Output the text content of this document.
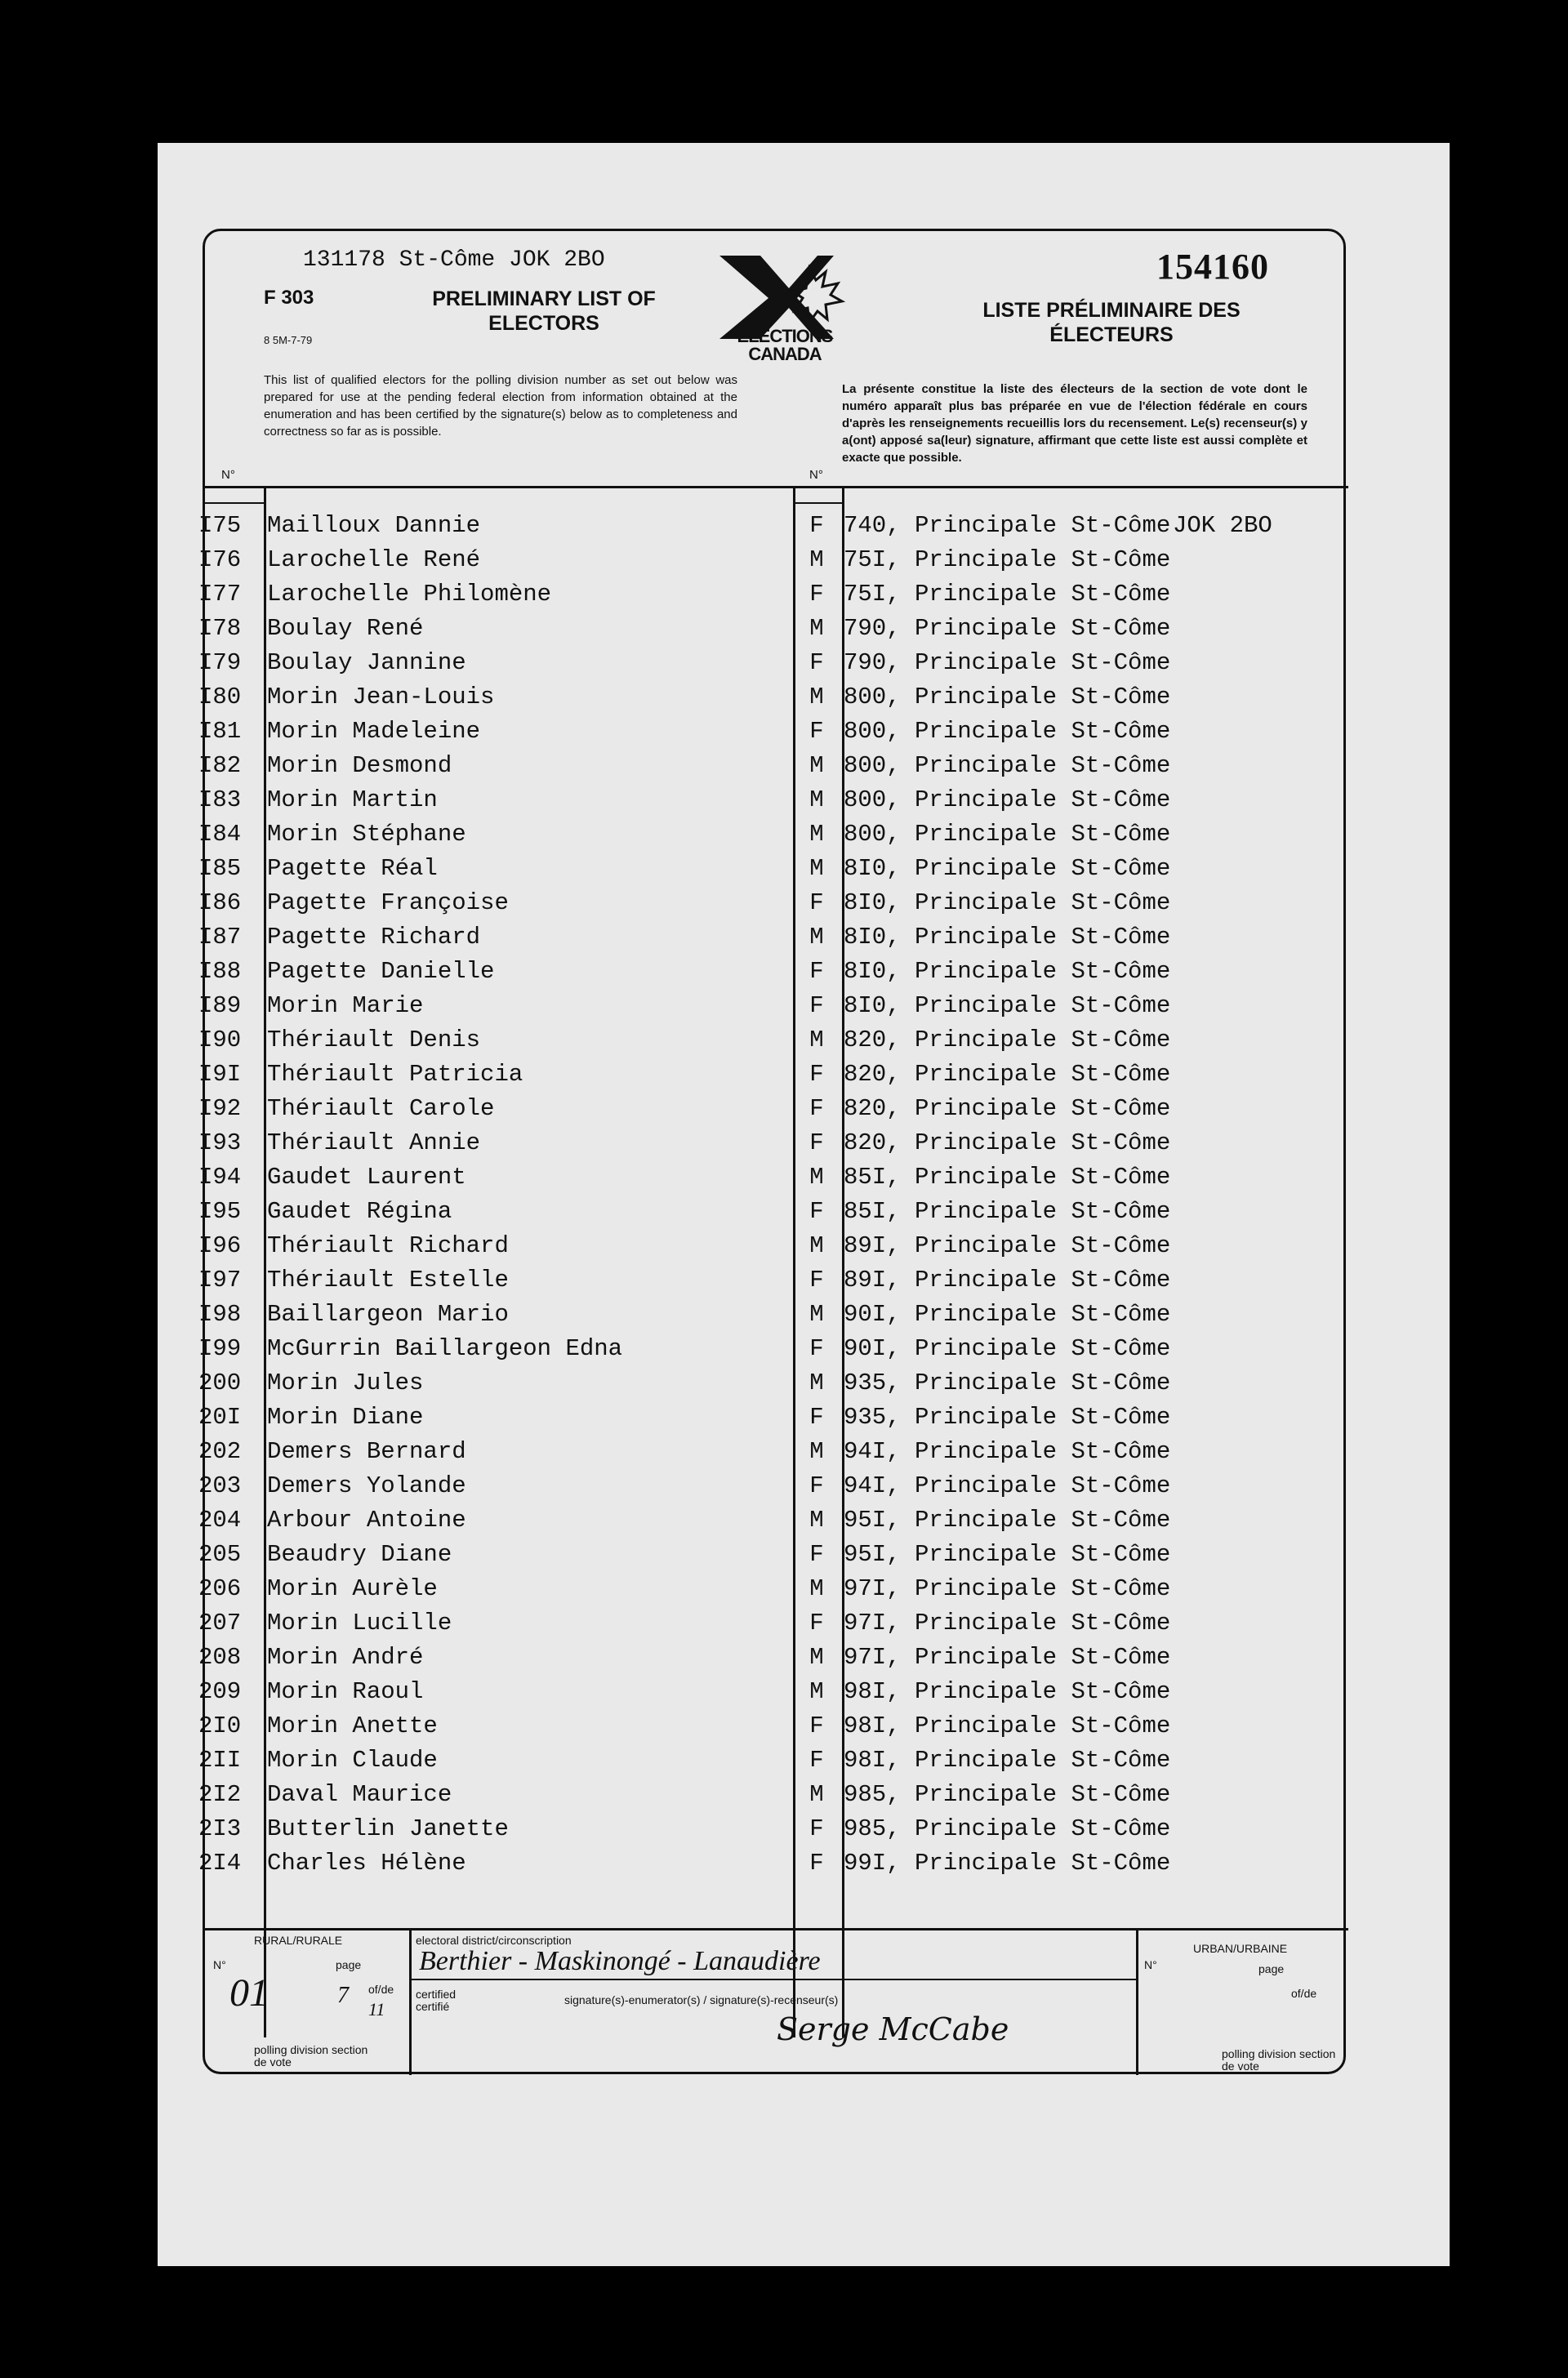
131178 St-Côme JOK 2BO
F 303
8 5M-7-79
PRELIMINARY LIST OF ELECTORS
LISTE PRÉLIMINAIRE DES ÉLECTEURS
154160
ELECTIONS CANADA
This list of qualified electors for the polling division number as set out below was prepared for use at the pending federal election from information obtained at the enumeration and has been certified by the signature(s) below as to completeness and correctness so far as is possible.
La présente constitue la liste des électeurs de la section de vote dont le numéro apparaît plus bas préparée en vue de l'élection fédérale en cours d'après les renseignements recueillis lors du recensement. Le(s) recenseur(s) y a(ont) apposé sa(leur) signature, affirmant que cette liste est aussi complète et exacte que possible.
N°	N°
I75	Mailloux Dannie	F 740, Principale St-Côme JOK 2BO
I76	Larochelle René	M 75I, Principale St-Côme
I77	Larochelle Philomène	F 75I, Principale St-Côme
I78	Boulay René	M 790, Principale St-Côme
I79	Boulay Jannine	F 790, Principale St-Côme
I80	Morin Jean-Louis	M 800, Principale St-Côme
I81	Morin Madeleine	F 800, Principale St-Côme
I82	Morin Desmond	M 800, Principale St-Côme
I83	Morin Martin	M 800, Principale St-Côme
I84	Morin Stéphane	M 800, Principale St-Côme
I85	Pagette Réal	M 8I0, Principale St-Côme
I86	Pagette Françoise	F 8I0, Principale St-Côme
I87	Pagette Richard	M 8I0, Principale St-Côme
I88	Pagette Danielle	F 8I0, Principale St-Côme
I89	Morin Marie	F 8I0, Principale St-Côme
I90	Thériault Denis	M 820, Principale St-Côme
I9I	Thériault Patricia	F 820, Principale St-Côme
I92	Thériault Carole	F 820, Principale St-Côme
I93	Thériault Annie	F 820, Principale St-Côme
I94	Gaudet Laurent	M 85I, Principale St-Côme
I95	Gaudet Régina	F 85I, Principale St-Côme
I96	Thériault Richard	M 89I, Principale St-Côme
I97	Thériault Estelle	F 89I, Principale St-Côme
I98	Baillargeon Mario	M 90I, Principale St-Côme
I99	McGurrin Baillargeon Edna	F 90I, Principale St-Côme
200	Morin Jules	M 935, Principale St-Côme
20I	Morin Diane	F 935, Principale St-Côme
202	Demers Bernard	M 94I, Principale St-Côme
203	Demers Yolande	F 94I, Principale St-Côme
204	Arbour Antoine	M 95I, Principale St-Côme
205	Beaudry Diane	F 95I, Principale St-Côme
206	Morin Aurèle	M 97I, Principale St-Côme
207	Morin Lucille	F 97I, Principale St-Côme
208	Morin André	M 97I, Principale St-Côme
209	Morin Raoul	M 98I, Principale St-Côme
2I0	Morin Anette	F 98I, Principale St-Côme
2II	Morin Claude	F 98I, Principale St-Côme
2I2	Daval Maurice	M 985, Principale St-Côme
2I3	Butterlin Janette	F 985, Principale St-Côme
2I4	Charles Hélène	F 99I, Principale St-Côme
RURAL/RURALE
URBAN/URBAINE
N°	page
of/de
polling division section de vote
N°	page
of/de
polling division section de vote
electoral district/circonscription
certified certifié	signature(s)-enumerator(s) / signature(s)-recenseur(s)
Berthier - Maskinongé - Lanaudière
01	7
11
Serge McCabe
